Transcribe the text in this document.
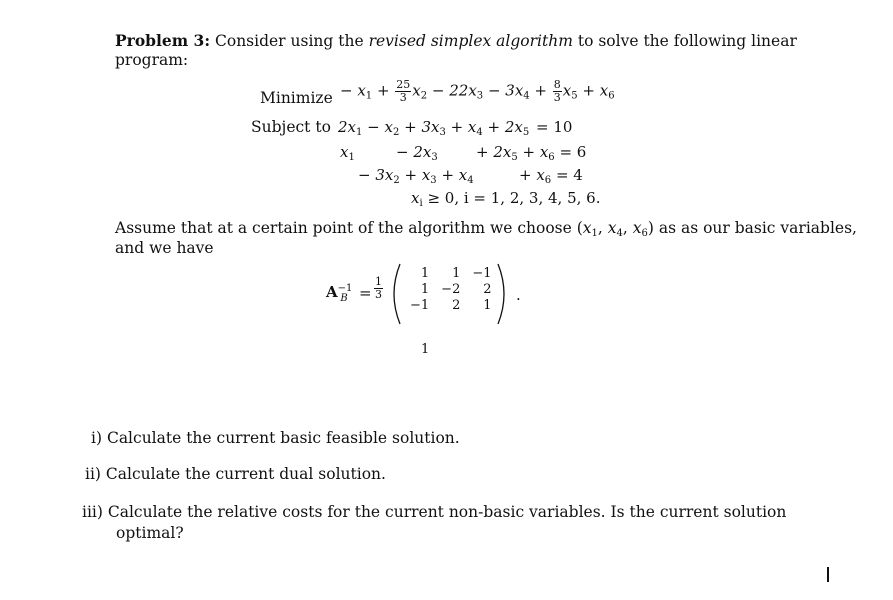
Problem 3: Consider using the revised simplex algorithm to solve the following linear
program:
Minimize − $x_1 + \frac{25}{3} x_2 - 22x_3 - 3x_4 + \frac{8}{3} x_5 + x_6$
Subject to $2x_1 - x_2 + 3x_3 + x_4 + 2x_5 = 10$
$x_1$	− $2x_3$	+ $2x_5 + x_6 = 6$
− $3x_2 + x_3 + x_4$	+ $x_6 = 4$
$x_i \ge 0$, i = 1, 2, 3, 4, 5, 6.
Assume that at a certain point of the algorithm we choose ($x_1$, $x_4$, $x_6$) as as our basic variables,
and we have
$A^{-1}_B = \frac{1}{3}$
1	1	−1
1	−2	2
−1	2	1
.
1
i) Calculate the current basic feasible solution.
ii) Calculate the current dual solution.
iii) Calculate the relative costs for the current non-basic variables. Is the current solution
optimal?
